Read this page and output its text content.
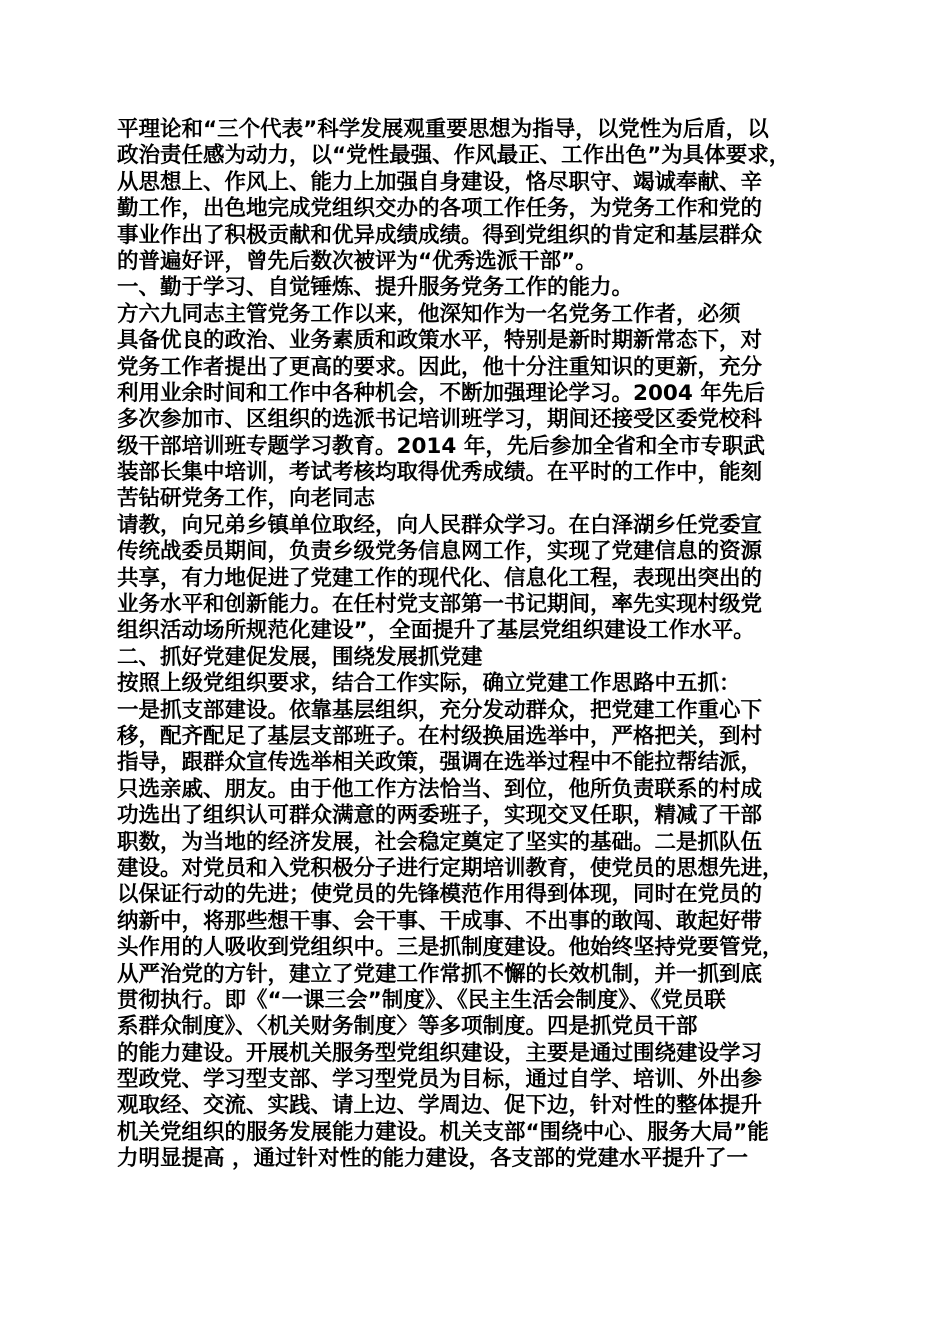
平理论和“三个代表”科学发展观重要思想为指导，以党性为后盾，以
政治责任感为动力，以“党性最强、作风最正、工作出色”为具体要求，
从思想上、作风上、能力上加强自身建设，恪尽职守、竭诚奉献、辛
勤工作，出色地完成党组织交办的各项工作任务，为党务工作和党的
事业作出了积极贡献和优异成绩成绩。得到党组织的肯定和基层群众
的普遍好评，曾先后数次被评为“优秀选派干部”。
一、勤于学习、自觉锤炼、提升服务党务工作的能力。
方六九同志主管党务工作以来，他深知作为一名党务工作者，必须
具备优良的政治、业务素质和政策水平，特别是新时期新常态下，对
党务工作者提出了更高的要求。因此，他十分注重知识的更新，充分
利用业余时间和工作中各种机会，不断加强理论学习。2004 年先后
多次参加市、区组织的选派书记培训班学习，期间还接受区委党校科
级干部培训班专题学习教育。2014 年，先后参加全省和全市专职武
装部长集中培训，考试考核均取得优秀成绩。在平时的工作中，能刻
苦钻研党务工作，向老同志
请教，向兄弟乡镇单位取经，向人民群众学习。在白泽湖乡任党委宣
传统战委员期间，负责乡级党务信息网工作，实现了党建信息的资源
共享，有力地促进了党建工作的现代化、信息化工程，表现出突出的
业务水平和创新能力。在任村党支部第一书记期间，率先实现村级党
组织活动场所规范化建设”，全面提升了基层党组织建设工作水平。
二、抓好党建促发展，围绕发展抓党建
按照上级党组织要求，结合工作实际，确立党建工作思路中五抓：
一是抓支部建设。依靠基层组织，充分发动群众，把党建工作重心下
移，配齐配足了基层支部班子。在村级换届选举中，严格把关，到村
指导，跟群众宣传选举相关政策，强调在选举过程中不能拉帮结派，
只选亲戚、朋友。由于他工作方法恰当、到位，他所负责联系的村成
功选出了组织认可群众满意的两委班子，实现交叉任职，精减了干部
职数，为当地的经济发展，社会稳定奠定了坚实的基础。二是抓队伍
建设。对党员和入党积极分子进行定期培训教育，使党员的思想先进，
以保证行动的先进；使党员的先锋模范作用得到体现，同时在党员的
纳新中，将那些想干事、会干事、干成事、不出事的敢闯、敢起好带
头作用的人吸收到党组织中。三是抓制度建设。他始终坚持党要管党，
从严治党的方针，建立了党建工作常抓不懈的长效机制，并一抓到底
贯彻执行。即《“一课三会”制度》、《民主生活会制度》、《党员联
系群众制度》、〈机关财务制度〉等多项制度。四是抓党员干部
的能力建设。开展机关服务型党组织建设，主要是通过围绕建设学习
型政党、学习型支部、学习型党员为目标，通过自学、培训、外出参
观取经、交流、实践、请上边、学周边、促下边，针对性的整体提升
机关党组织的服务发展能力建设。机关支部“围绕中心、服务大局”能
力明显提高 ，通过针对性的能力建设，各支部的党建水平提升了一
